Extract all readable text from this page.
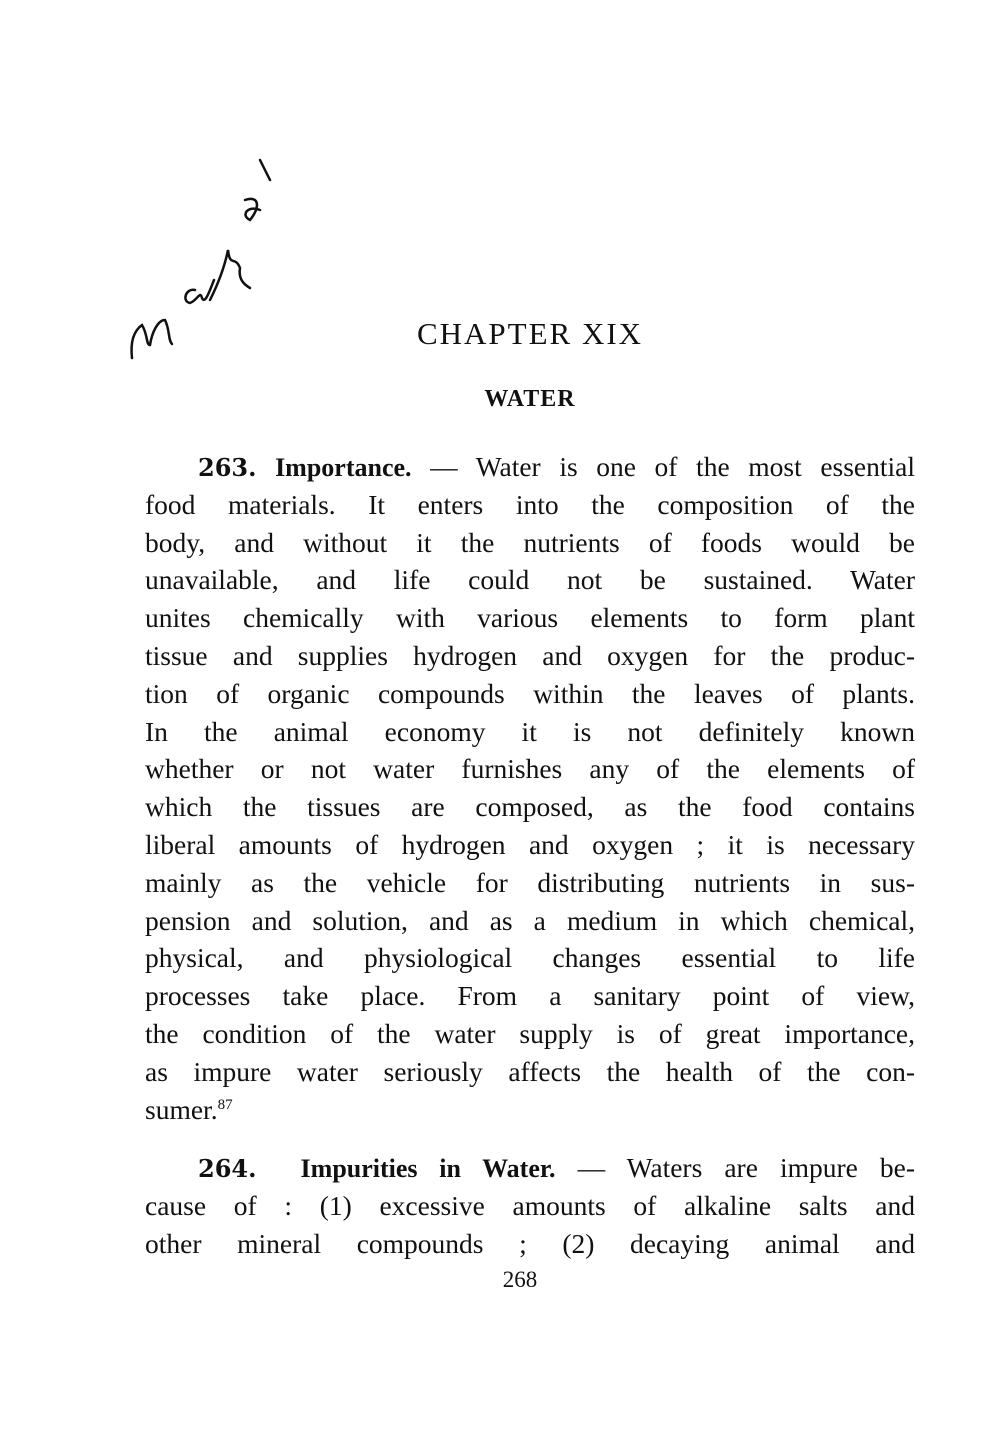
CHAPTER XIX
WATER
263. Importance. — Water is one of the most essential
food materials. It enters into the composition of the
body, and without it the nutrients of foods would be
unavailable, and life could not be sustained. Water
unites chemically with various elements to form plant
tissue and supplies hydrogen and oxygen for the produc-
tion of organic compounds within the leaves of plants.
In the animal economy it is not definitely known
whether or not water furnishes any of the elements of
which the tissues are composed, as the food contains
liberal amounts of hydrogen and oxygen ; it is necessary
mainly as the vehicle for distributing nutrients in sus-
pension and solution, and as a medium in which chemical,
physical, and physiological changes essential to life
processes take place. From a sanitary point of view,
the condition of the water supply is of great importance,
as impure water seriously affects the health of the con-
sumer.$^{87}$
264. Impurities in Water. — Waters are impure be-
cause of : (1) excessive amounts of alkaline salts and
other mineral compounds ; (2) decaying animal and
268
